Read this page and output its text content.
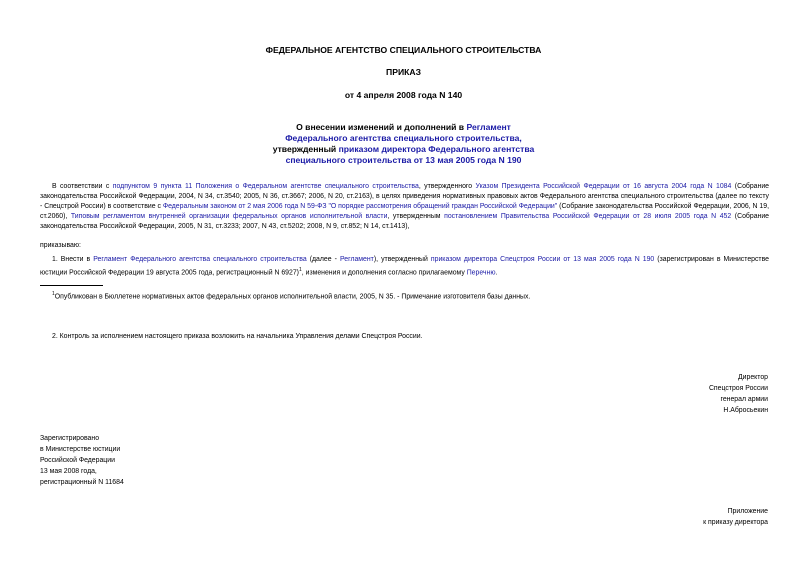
ФЕДЕРАЛЬНОЕ АГЕНТСТВО СПЕЦИАЛЬНОГО СТРОИТЕЛЬСТВА
ПРИКАЗ
от 4 апреля 2008 года N 140
О внесении изменений и дополнений в Регламент
Федерального агентства специального строительства,
утвержденный приказом директора Федерального агентства
специального строительства от 13 мая 2005 года N 190
В соответствии с подпунктом 9 пункта 11 Положения о Федеральном агентстве специального строительства, утвержденного Указом Президента Российской Федерации от 16 августа 2004 года N 1084 (Собрание законодательства Российской Федерации, 2004, N 34, ст.3540; 2005, N 36, ст.3667; 2006, N 20, ст.2163), в целях приведения нормативных правовых актов Федерального агентства специального строительства (далее по тексту - Спецстрой России) в соответствие с Федеральным законом от 2 мая 2006 года N 59-ФЗ "О порядке рассмотрения обращений граждан Российской Федерации" (Собрание законодательства Российской Федерации, 2006, N 19, ст.2060), Типовым регламентом внутренней организации федеральных органов исполнительной власти, утвержденным постановлением Правительства Российской Федерации от 28 июля 2005 года N 452 (Собрание законодательства Российской Федерации, 2005, N 31, ст.3233; 2007, N 43, ст.5202; 2008, N 9, ст.852; N 14, ст.1413),
приказываю:
1. Внести в Регламент Федерального агентства специального строительства (далее - Регламент), утвержденный приказом директора Спецстроя России от 13 мая 2005 года N 190 (зарегистрирован в Министерстве юстиции Российской Федерации 19 августа 2005 года, регистрационный N 6927)$^1$, изменения и дополнения согласно прилагаемому Перечню.
$^1$Опубликован в Бюллетене нормативных актов федеральных органов исполнительной власти, 2005, N 35. - Примечание изготовителя базы данных.
2. Контроль за исполнением настоящего приказа возложить на начальника Управления делами Спецстроя России.
Директор
Спецстроя России
генерал армии
Н.Абросьекин
Зарегистрировано
в Министерстве юстиции
Российской Федерации
13 мая 2008 года,
регистрационный N 11684
Приложение
к приказу директора
